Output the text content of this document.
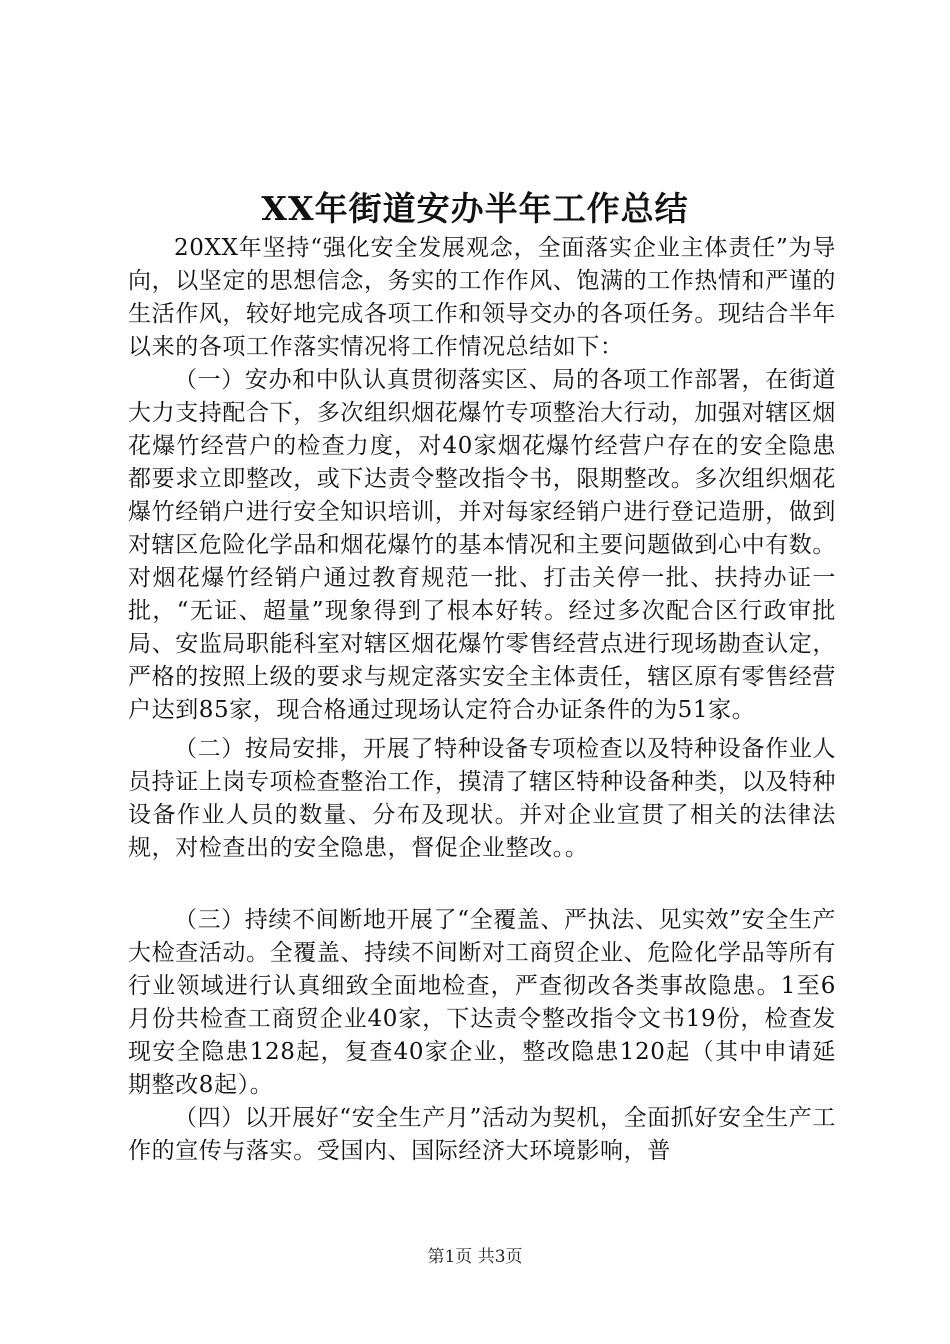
XX年街道安办半年工作总结

20XX年坚持“强化安全发展观念，全面落实企业主体责任”为导向，以坚定的思想信念，务实的工作作风、饱满的工作热情和严谨的生活作风，较好地完成各项工作和领导交办的各项任务。现结合半年以来的各项工作落实情况将工作情况总结如下：

（一）安办和中队认真贯彻落实区、局的各项工作部署，在街道大力支持配合下，多次组织烟花爆竹专项整治大行动，加强对辖区烟花爆竹经营户的检查力度，对40家烟花爆竹经营户存在的安全隐患都要求立即整改，或下达责令整改指令书，限期整改。多次组织烟花爆竹经销户进行安全知识培训，并对每家经销户进行登记造册，做到对辖区危险化学品和烟花爆竹的基本情况和主要问题做到心中有数。对烟花爆竹经销户通过教育规范一批、打击关停一批、扶持办证一批，“无证、超量”现象得到了根本好转。经过多次配合区行政审批局、安监局职能科室对辖区烟花爆竹零售经营点进行现场勘查认定，严格的按照上级的要求与规定落实安全主体责任，辖区原有零售经营户达到85家，现合格通过现场认定符合办证条件的为51家。

（二）按局安排，开展了特种设备专项检查以及特种设备作业人员持证上岗专项检查整治工作，摸清了辖区特种设备种类，以及特种设备作业人员的数量、分布及现状。并对企业宣贯了相关的法律法规，对检查出的安全隐患，督促企业整改。。

（三）持续不间断地开展了“全覆盖、严执法、见实效”安全生产大检查活动。全覆盖、持续不间断对工商贸企业、危险化学品等所有行业领域进行认真细致全面地检查，严查彻改各类事故隐患。1至6月份共检查工商贸企业40家，下达责令整改指令文书19份，检查发现安全隐患128起，复查40家企业，整改隐患120起（其中申请延期整改8起）。

（四）以开展好“安全生产月”活动为契机，全面抓好安全生产工作的宣传与落实。受国内、国际经济大环境影响，普

第1页 共3页
